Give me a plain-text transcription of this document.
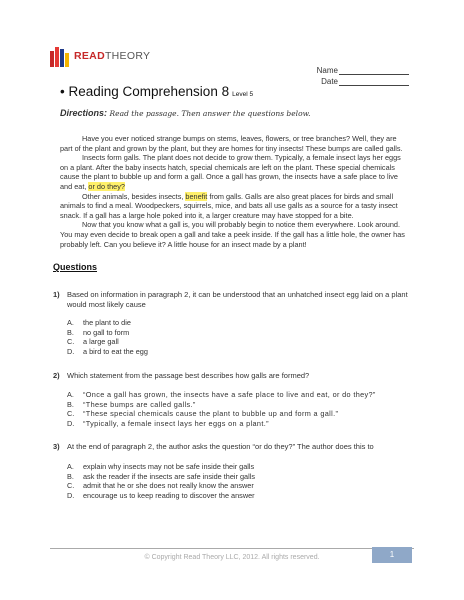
READTHEORY
Name
Date
• Reading Comprehension 8 Level 5
Directions: Read the passage. Then answer the questions below.

Have you ever noticed strange bumps on stems, leaves, flowers, or tree branches? Well, they are part of the plant and grown by the plant, but they are homes for tiny insects! These bumps are called galls.

Insects form galls. The plant does not decide to grow them. Typically, a female insect lays her eggs on a plant. After the baby insects hatch, special chemicals are left on the plant. These special chemicals cause the plant to bubble up and form a gall. Once a gall has grown, the insects have a safe place to live and eat, or do they?

Other animals, besides insects, benefit from galls. Galls are also great places for birds and small animals to find a meal. Woodpeckers, squirrels, mice, and bats all use galls as a source for a tasty insect snack. If a gall has a large hole poked into it, a larger creature may have stopped for a bite.

Now that you know what a gall is, you will probably begin to notice them everywhere. Look around. You may even decide to break open a gall and take a peek inside. If the gall has a little hole, the owner has probably left. Can you believe it? A little house for an insect made by a plant!

Questions
1) Based on information in paragraph 2, it can be understood that an unhatched insect egg laid on a plant would most likely cause
A. the plant to die
B. no gall to form
C. a large gall
D. a bird to eat the egg
2) Which statement from the passage best describes how galls are formed?
A. “Once a gall has grown, the insects have a safe place to live and eat, or do they?”
B. “These bumps are called galls.”
C. “These special chemicals cause the plant to bubble up and form a gall.”
D. “Typically, a female insect lays her eggs on a plant.”
3) At the end of paragraph 2, the author asks the question “or do they?” The author does this to
A. explain why insects may not be safe inside their galls
B. ask the reader if the insects are safe inside their galls
C. admit that he or she does not really know the answer
D. encourage us to keep reading to discover the answer
© Copyright Read Theory LLC, 2012. All rights reserved.	1
